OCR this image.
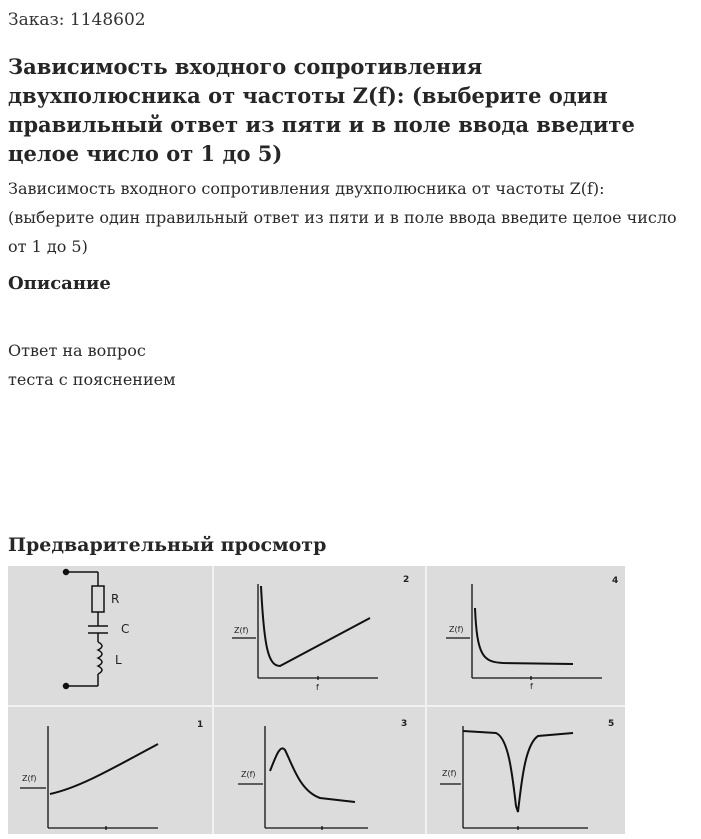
Заказ: 1148602
Зависимость входного сопротивления двухполюсника от частоты Z(f): (выберите один правильный ответ из пяти и в поле ввода введите целое число от 1 до 5)

Зависимость входного сопротивления двухполюсника от частоты Z(f): (выберите один правильный ответ из пяти и в поле ввода введите целое число от 1 до 5)

Описание
Ответ на вопрос
теста с пояснением
Предварительный просмотр
R
C
L
Z(f)
f
2
Z(f)
f
4
Z(f)
1
Z(f)
3
Z(f)
5
